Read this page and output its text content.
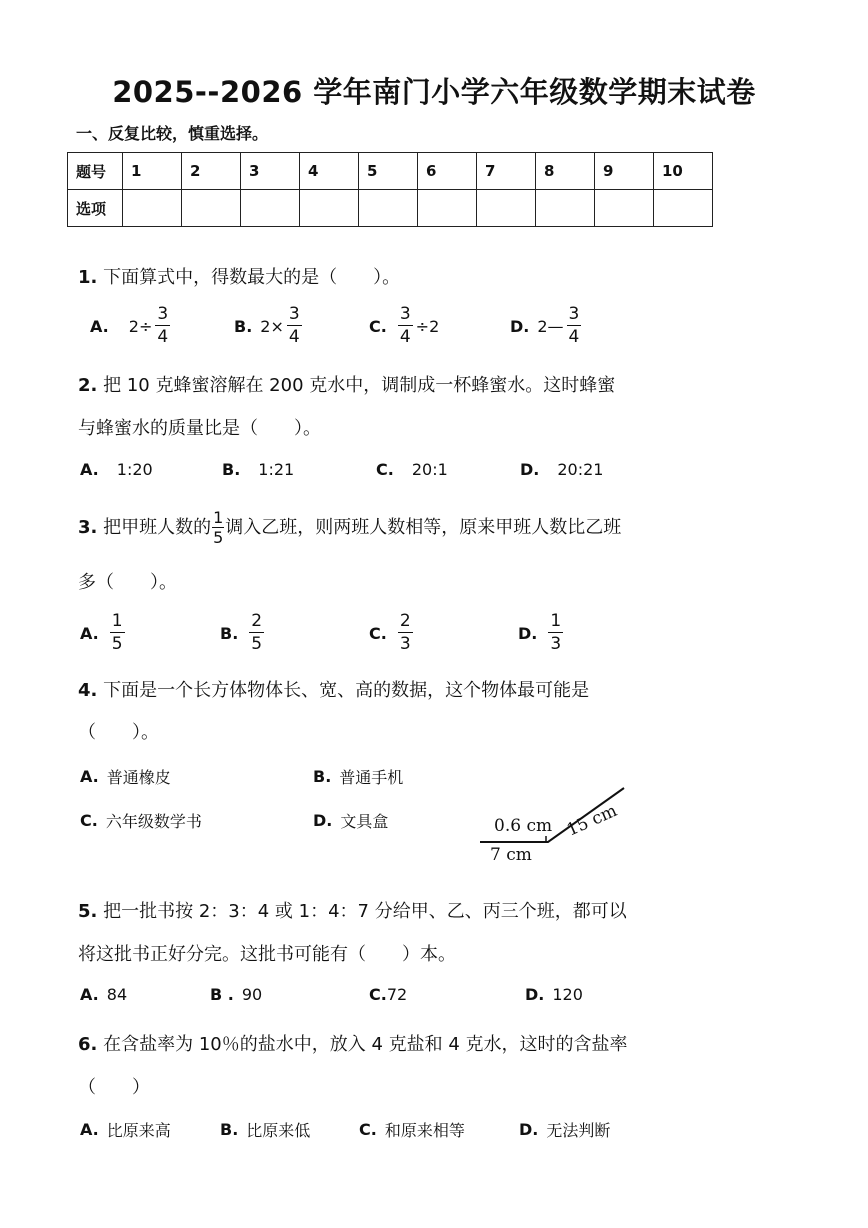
2025--2026 学年南门小学六年级数学期末试卷
一、反复比较，慎重选择。
题号	1	2	3	4	5	6	7	8	9	10
选项										
1. 下面算式中，得数最大的是（　　）。
A. $2\div \frac{3}{4}$	B. $2\times \frac{3}{4}$	C. $\frac{3}{4} \div 2$	D. 2— $\frac{3}{4}$
2. 把 10 克蜂蜜溶解在 200 克水中，调制成一杯蜂蜜水。这时蜂蜜
与蜂蜜水的质量比是（　　）。
A. 1:20	B. 1:21	C. 20:1	D. 20:21
3. 把甲班人数的 $\frac{1}{5}$ 调入乙班，则两班人数相等，原来甲班人数比乙班
多（　　）。
A. $\frac{1}{5}$	B. $\frac{2}{5}$	C. $\frac{2}{3}$	D. $\frac{1}{3}$
4. 下面是一个长方体物体长、宽、高的数据，这个物体最可能是
（　　）。
A. 普通橡皮	B. 普通手机
C. 六年级数学书	D. 文具盒	0.6 cm
7 cm
15 cm
5. 把一批书按 2：3：4 或 1：4：7 分给甲、乙、丙三个班，都可以
将这批书正好分完。这批书可能有（　　）本。
A. 84	B . 90	C. 72	D. 120
6. 在含盐率为 10％的盐水中，放入 4 克盐和 4 克水，这时的含盐率
（　　）
A. 比原来高	B. 比原来低	C. 和原来相等	D. 无法判断
